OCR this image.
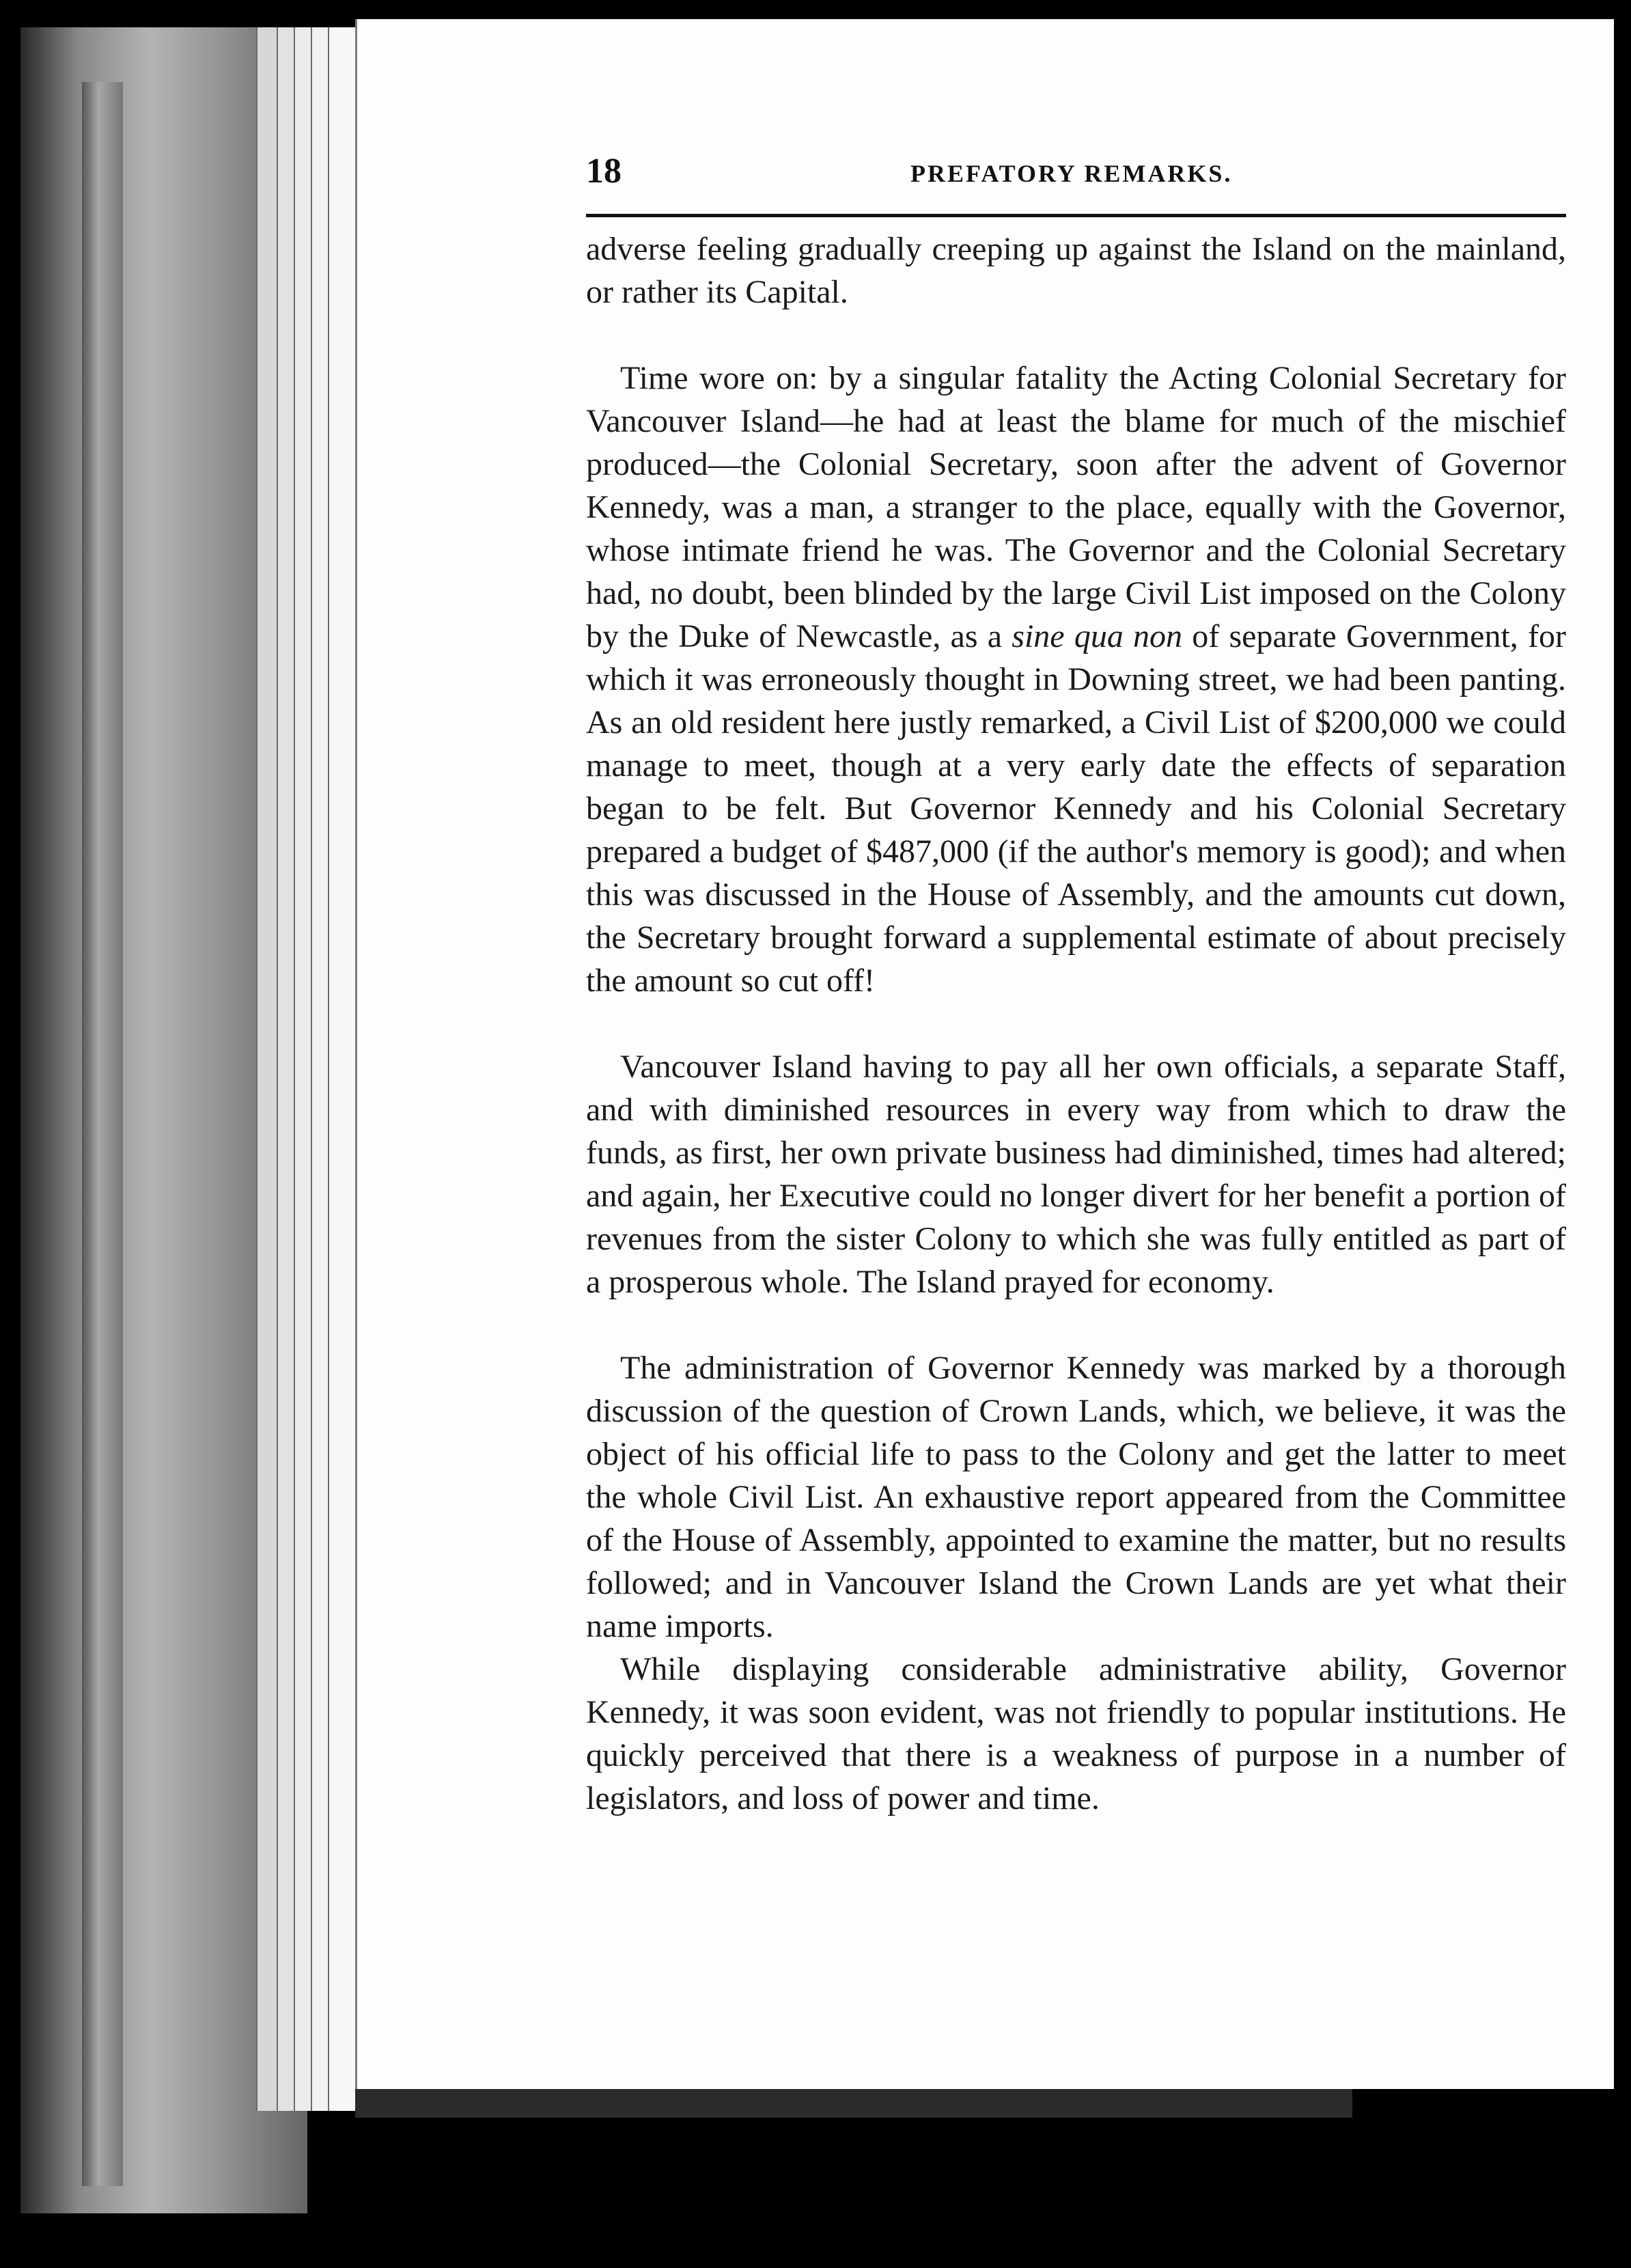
18	PREFATORY REMARKS.

adverse feeling gradually creeping up against the Island on the mainland, or rather its Capital.

Time wore on: by a singular fatality the Acting Colonial Secretary for Vancouver Island—he had at least the blame for much of the mischief produced—the Colonial Secretary, soon after the advent of Governor Kennedy, was a man, a stranger to the place, equally with the Governor, whose intimate friend he was. The Governor and the Colonial Secretary had, no doubt, been blinded by the large Civil List imposed on the Colony by the Duke of Newcastle, as a sine qua non of separate Government, for which it was erroneously thought in Downing street, we had been panting. As an old resident here justly remarked, a Civil List of $200,000 we could manage to meet, though at a very early date the effects of separation began to be felt. But Governor Kennedy and his Colonial Secretary prepared a budget of $487,000 (if the author's memory is good); and when this was discussed in the House of Assembly, and the amounts cut down, the Secretary brought forward a supplemental estimate of about precisely the amount so cut off!

Vancouver Island having to pay all her own officials, a separate Staff, and with diminished resources in every way from which to draw the funds, as first, her own private business had diminished, times had altered; and again, her Executive could no longer divert for her benefit a portion of revenues from the sister Colony to which she was fully entitled as part of a prosperous whole. The Island prayed for economy.

The administration of Governor Kennedy was marked by a thorough discussion of the question of Crown Lands, which, we believe, it was the object of his official life to pass to the Colony and get the latter to meet the whole Civil List. An exhaustive report appeared from the Committee of the House of Assembly, appointed to examine the matter, but no results followed; and in Vancouver Island the Crown Lands are yet what their name imports.

While displaying considerable administrative ability, Governor Kennedy, it was soon evident, was not friendly to popular institutions. He quickly perceived that there is a weakness of purpose in a number of legislators, and loss of power and time.
